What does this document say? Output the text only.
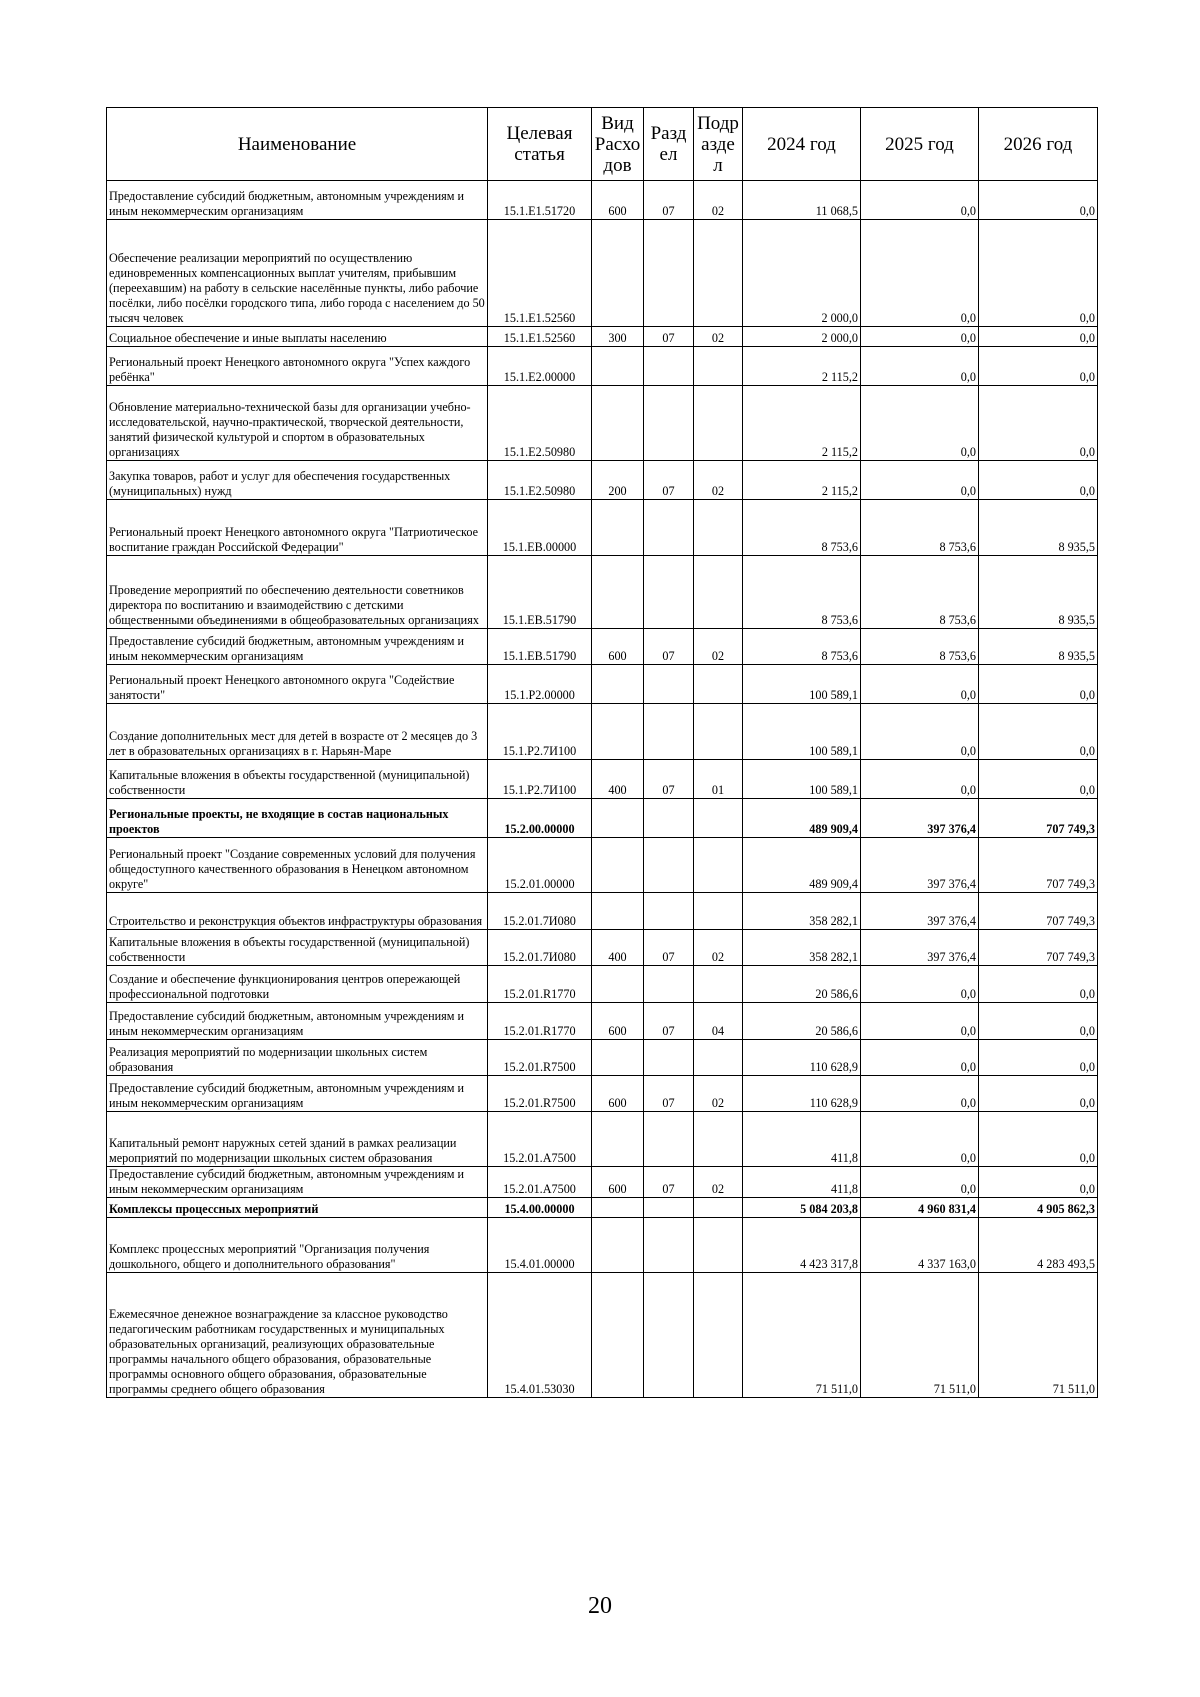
Наименование	Целевая статья	Вид Расхо дов	Разд ел	Подр азде л	2024 год	2025 год	2026 год
Предоставление субсидий бюджетным, автономным учреждениям и иным некоммерческим организациям	15.1.E1.51720	600	07	02	11 068,5	0,0	0,0
Обеспечение реализации мероприятий по осуществлению единовременных компенсационных выплат учителям, прибывшим (переехавшим) на работу в сельские населённые пункты, либо рабочие посёлки, либо посёлки городского типа, либо города с населением до 50 тысяч человек	15.1.E1.52560				2 000,0	0,0	0,0
Социальное обеспечение и иные выплаты населению	15.1.E1.52560	300	07	02	2 000,0	0,0	0,0
Региональный проект Ненецкого автономного округа "Успех каждого ребёнка"	15.1.E2.00000				2 115,2	0,0	0,0
Обновление материально-технической базы для организации учебно-исследовательской, научно-практической, творческой деятельности, занятий физической культурой и спортом в образовательных организациях	15.1.E2.50980				2 115,2	0,0	0,0
Закупка товаров, работ и услуг для обеспечения государственных (муниципальных) нужд	15.1.E2.50980	200	07	02	2 115,2	0,0	0,0
Региональный проект Ненецкого автономного округа "Патриотическое воспитание граждан Российской Федерации"	15.1.EB.00000				8 753,6	8 753,6	8 935,5
Проведение мероприятий по обеспечению деятельности советников директора по воспитанию и взаимодействию с детскими общественными объединениями в общеобразовательных организациях	15.1.EB.51790				8 753,6	8 753,6	8 935,5
Предоставление субсидий бюджетным, автономным учреждениям и иным некоммерческим организациям	15.1.EB.51790	600	07	02	8 753,6	8 753,6	8 935,5
Региональный проект Ненецкого автономного округа "Содействие занятости"	15.1.P2.00000				100 589,1	0,0	0,0
Создание дополнительных мест для детей в возрасте от 2 месяцев до 3 лет в образовательных организациях в г. Нарьян-Маре	15.1.P2.7И100				100 589,1	0,0	0,0
Капитальные вложения в объекты государственной (муниципальной) собственности	15.1.P2.7И100	400	07	01	100 589,1	0,0	0,0
Региональные проекты, не входящие в состав национальных проектов	15.2.00.00000				489 909,4	397 376,4	707 749,3
Региональный проект "Создание современных условий для получения общедоступного качественного образования в Ненецком автономном округе"	15.2.01.00000				489 909,4	397 376,4	707 749,3
Строительство и реконструкция объектов инфраструктуры образования	15.2.01.7И080				358 282,1	397 376,4	707 749,3
Капитальные вложения в объекты государственной (муниципальной) собственности	15.2.01.7И080	400	07	02	358 282,1	397 376,4	707 749,3
Создание и обеспечение функционирования центров опережающей профессиональной подготовки	15.2.01.R1770				20 586,6	0,0	0,0
Предоставление субсидий бюджетным, автономным учреждениям и иным некоммерческим организациям	15.2.01.R1770	600	07	04	20 586,6	0,0	0,0
Реализация мероприятий по модернизации школьных систем образования	15.2.01.R7500				110 628,9	0,0	0,0
Предоставление субсидий бюджетным, автономным учреждениям и иным некоммерческим организациям	15.2.01.R7500	600	07	02	110 628,9	0,0	0,0
Капитальный ремонт наружных сетей зданий в рамках реализации мероприятий по модернизации школьных систем образования	15.2.01.A7500				411,8	0,0	0,0
Предоставление субсидий бюджетным, автономным учреждениям и иным некоммерческим организациям	15.2.01.A7500	600	07	02	411,8	0,0	0,0
Комплексы процессных мероприятий	15.4.00.00000				5 084 203,8	4 960 831,4	4 905 862,3
Комплекс процессных мероприятий "Организация получения дошкольного, общего и дополнительного образования"	15.4.01.00000				4 423 317,8	4 337 163,0	4 283 493,5
Ежемесячное денежное вознаграждение за классное руководство педагогическим работникам государственных и муниципальных образовательных организаций, реализующих образовательные программы начального общего образования, образовательные программы основного общего образования, образовательные программы среднего общего образования	15.4.01.53030				71 511,0	71 511,0	71 511,0
20
